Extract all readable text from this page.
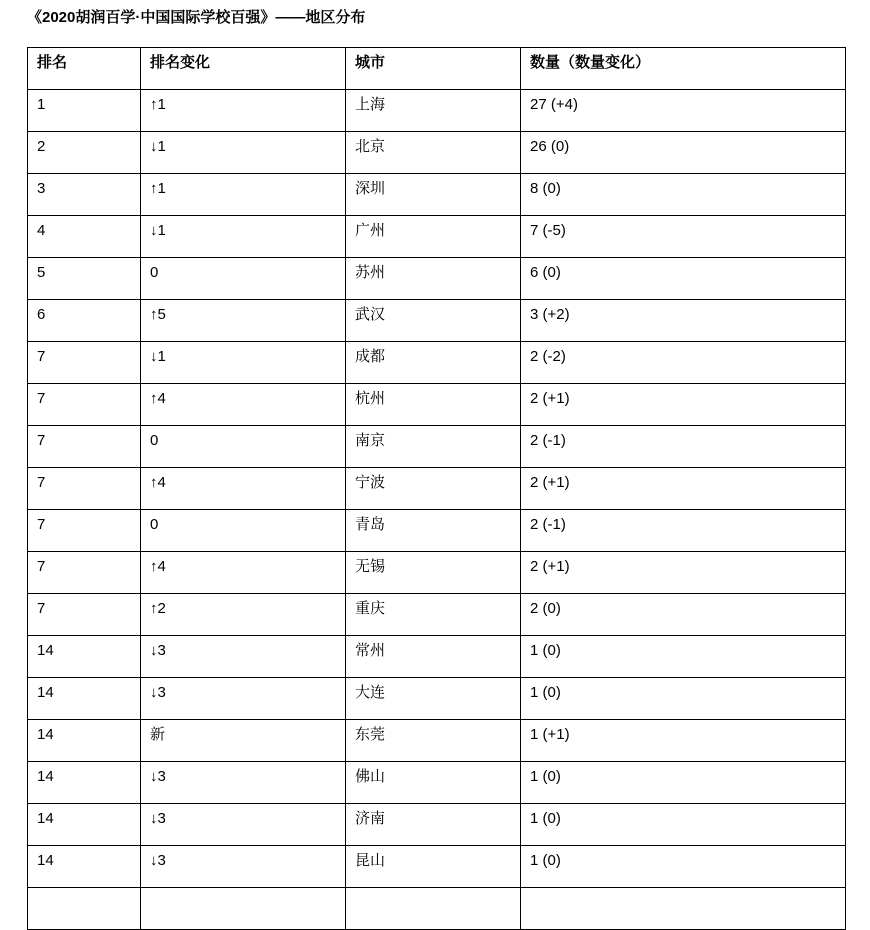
《2020胡润百学·中国国际学校百强》——地区分布
排名	排名变化	城市	数量（数量变化）
1	↑1	上海	27 (+4)
2	↓1	北京	26 (0)
3	↑1	深圳	8 (0)
4	↓1	广州	7 (-5)
5	0	苏州	6 (0)
6	↑5	武汉	3 (+2)
7	↓1	成都	2 (-2)
7	↑4	杭州	2 (+1)
7	0	南京	2 (-1)
7	↑4	宁波	2 (+1)
7	0	青岛	2 (-1)
7	↑4	无锡	2 (+1)
7	↑2	重庆	2 (0)
14	↓3	常州	1 (0)
14	↓3	大连	1 (0)
14	新	东莞	1 (+1)
14	↓3	佛山	1 (0)
14	↓3	济南	1 (0)
14	↓3	昆山	1 (0)
